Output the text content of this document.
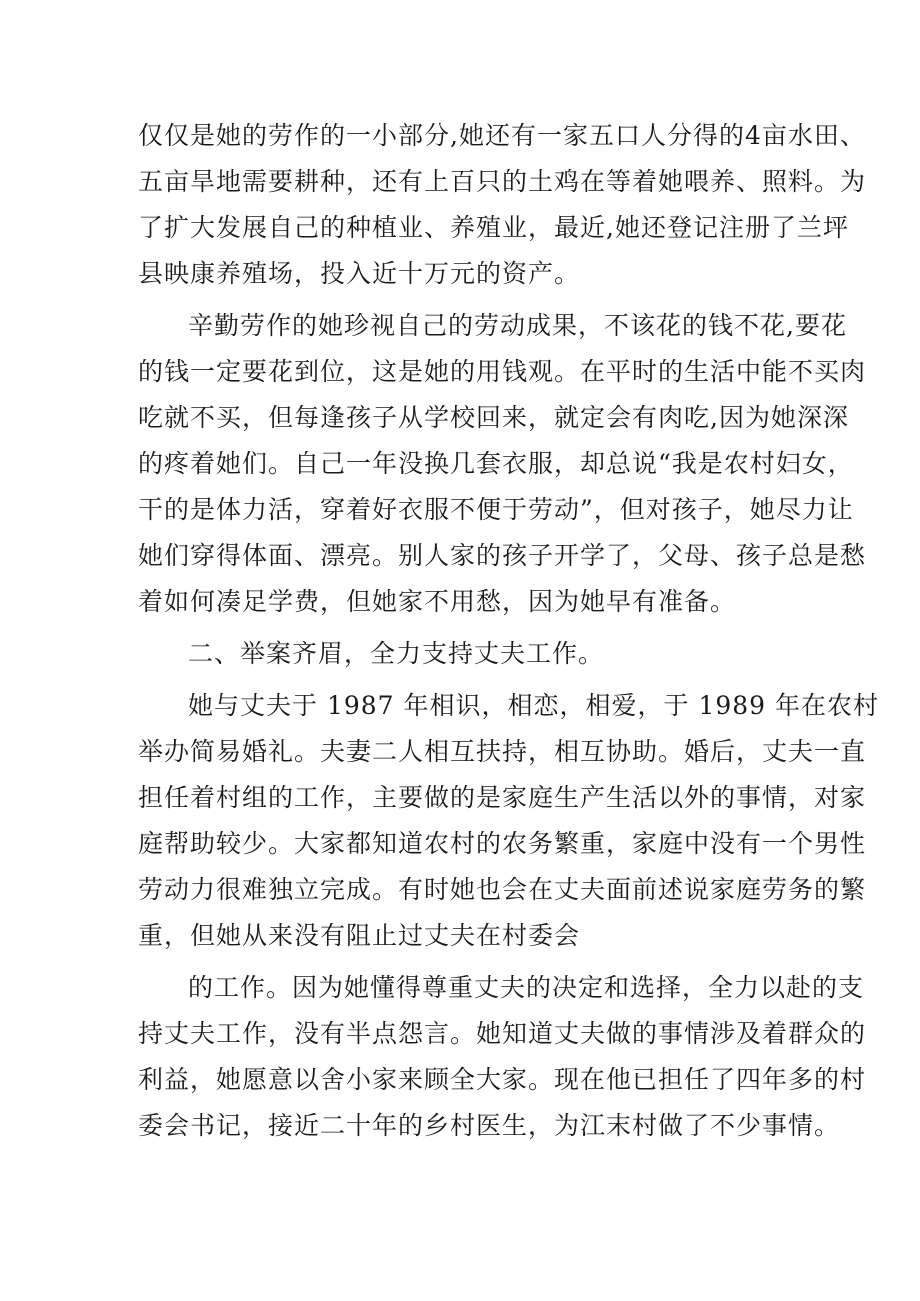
仅仅是她的劳作的一小部分,她还有一家五口人分得的4亩水田、
五亩旱地需要耕种，还有上百只的土鸡在等着她喂养、照料。为
了扩大发展自己的种植业、养殖业，最近,她还登记注册了兰坪
县映康养殖场，投入近十万元的资产。
辛勤劳作的她珍视自己的劳动成果，不该花的钱不花,要花
的钱一定要花到位，这是她的用钱观。在平时的生活中能不买肉
吃就不买，但每逢孩子从学校回来，就定会有肉吃,因为她深深
的疼着她们。自己一年没换几套衣服，却总说“我是农村妇女，
干的是体力活，穿着好衣服不便于劳动”，但对孩子，她尽力让
她们穿得体面、漂亮。别人家的孩子开学了，父母、孩子总是愁
着如何凑足学费，但她家不用愁，因为她早有准备。
二、举案齐眉，全力支持丈夫工作。
她与丈夫于 1987 年相识，相恋，相爱，于 1989 年在农村
举办简易婚礼。夫妻二人相互扶持，相互协助。婚后，丈夫一直
担任着村组的工作，主要做的是家庭生产生活以外的事情，对家
庭帮助较少。大家都知道农村的农务繁重，家庭中没有一个男性
劳动力很难独立完成。有时她也会在丈夫面前述说家庭劳务的繁
重，但她从来没有阻止过丈夫在村委会
的工作。因为她懂得尊重丈夫的决定和选择，全力以赴的支
持丈夫工作，没有半点怨言。她知道丈夫做的事情涉及着群众的
利益，她愿意以舍小家来顾全大家。现在他已担任了四年多的村
委会书记，接近二十年的乡村医生，为江末村做了不少事情。
